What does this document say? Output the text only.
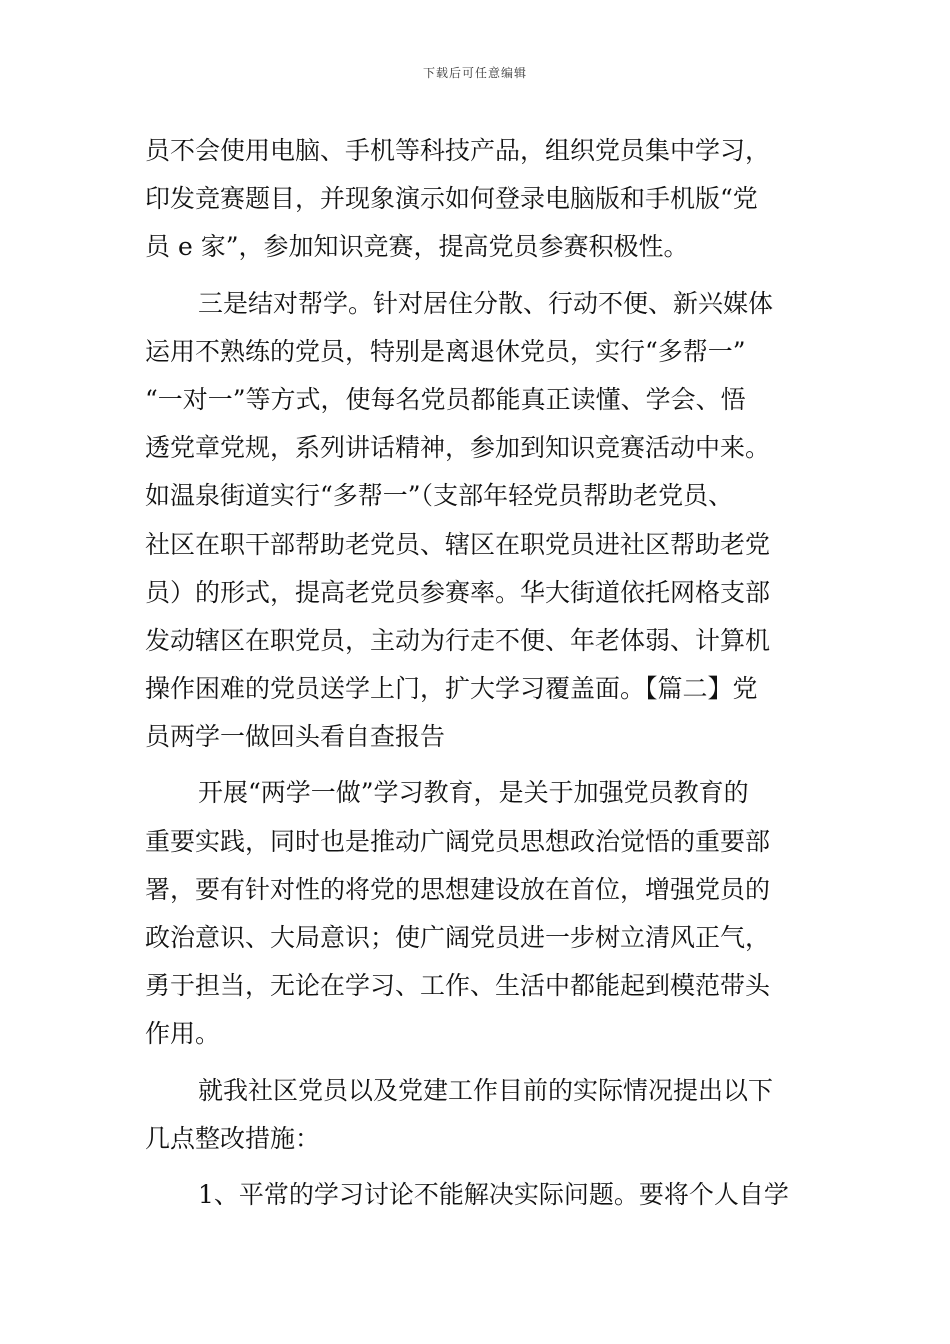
下载后可任意编辑
员不会使用电脑、手机等科技产品，组织党员集中学习，
印发竞赛题目，并现象演示如何登录电脑版和手机版“党
员 e 家”，参加知识竞赛，提高党员参赛积极性。
三是结对帮学。针对居住分散、行动不便、新兴媒体
运用不熟练的党员，特别是离退休党员，实行“多帮一”
“一对一”等方式，使每名党员都能真正读懂、学会、悟
透党章党规，系列讲话精神，参加到知识竞赛活动中来。
如温泉街道实行“多帮一”（支部年轻党员帮助老党员、
社区在职干部帮助老党员、辖区在职党员进社区帮助老党
员）的形式，提高老党员参赛率。华大街道依托网格支部
发动辖区在职党员，主动为行走不便、年老体弱、计算机
操作困难的党员送学上门，扩大学习覆盖面。【篇二】党
员两学一做回头看自查报告
开展“两学一做”学习教育，是关于加强党员教育的
重要实践，同时也是推动广阔党员思想政治觉悟的重要部
署，要有针对性的将党的思想建设放在首位，增强党员的
政治意识、大局意识；使广阔党员进一步树立清风正气，
勇于担当，无论在学习、工作、生活中都能起到模范带头
作用。
就我社区党员以及党建工作目前的实际情况提出以下
几点整改措施：
1、平常的学习讨论不能解决实际问题。要将个人自学
